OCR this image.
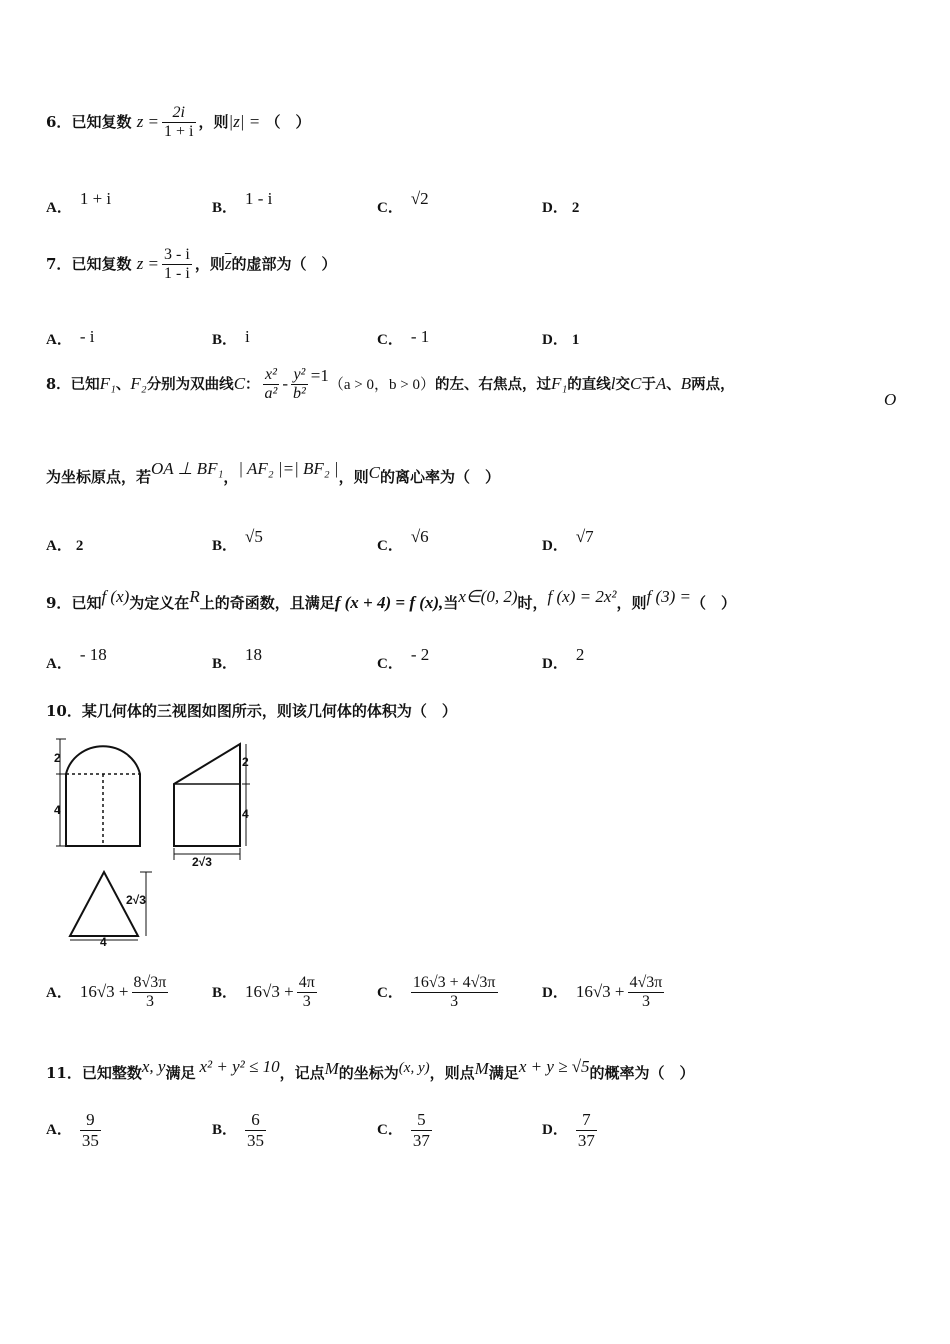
6．已知复数 $z = \frac{2i}{1 + i}$ ，则|z| = （　）
A． 1 + i	B． 1 - i	C． √2	D． 2
7．已知复数 $z = \frac{3 - i}{1 - i}$ ，则$\overline{z}$的虚部为（　）
A． - i	B． i	C． - 1	D． 1
8．已知F₁、F₂分别为双曲线C： $\frac{\text{x²}}{\text{a²}} - \frac{\text{y²}}{\text{b²}} =1(a > 0$，b > 0）的左、右焦点，过F₁的直线l交C于A、B两点，
O
为坐标原点，若OA ⊥ BF₁，| AF₂ |=| BF₂ |，则C的离心率为（　）
A． 2	B． √5	C． √6	D． √7
9．已知f (x)为定义在R上的奇函数，且满足f (x + 4) = f (x),当x∈(0, 2)时，f (x) = 2x²，则f (3) =（　）
A． - 18	B． 18	C． - 2	D． 2
10．某几何体的三视图如图所示，则该几何体的体积为（　）
2
4
2
4
2√3
2√3
4
A． $16√3 + \frac{8√3\pi}{3}$	B． $16√3 + \frac{4\pi}{3}$	C． $\frac{16√3 + 4√3\pi}{3}$	D． $16√3 + \frac{4√3\pi}{3}$
11．已知整数x, y满足 x² + y² ≤ 10，记点M的坐标为(x, y)，则点M满足x + y ≥ √5的概率为（　）
A． $\frac{9}{35}$	B． $\frac{6}{35}$	C． $\frac{5}{37}$	D． $\frac{7}{37}$
